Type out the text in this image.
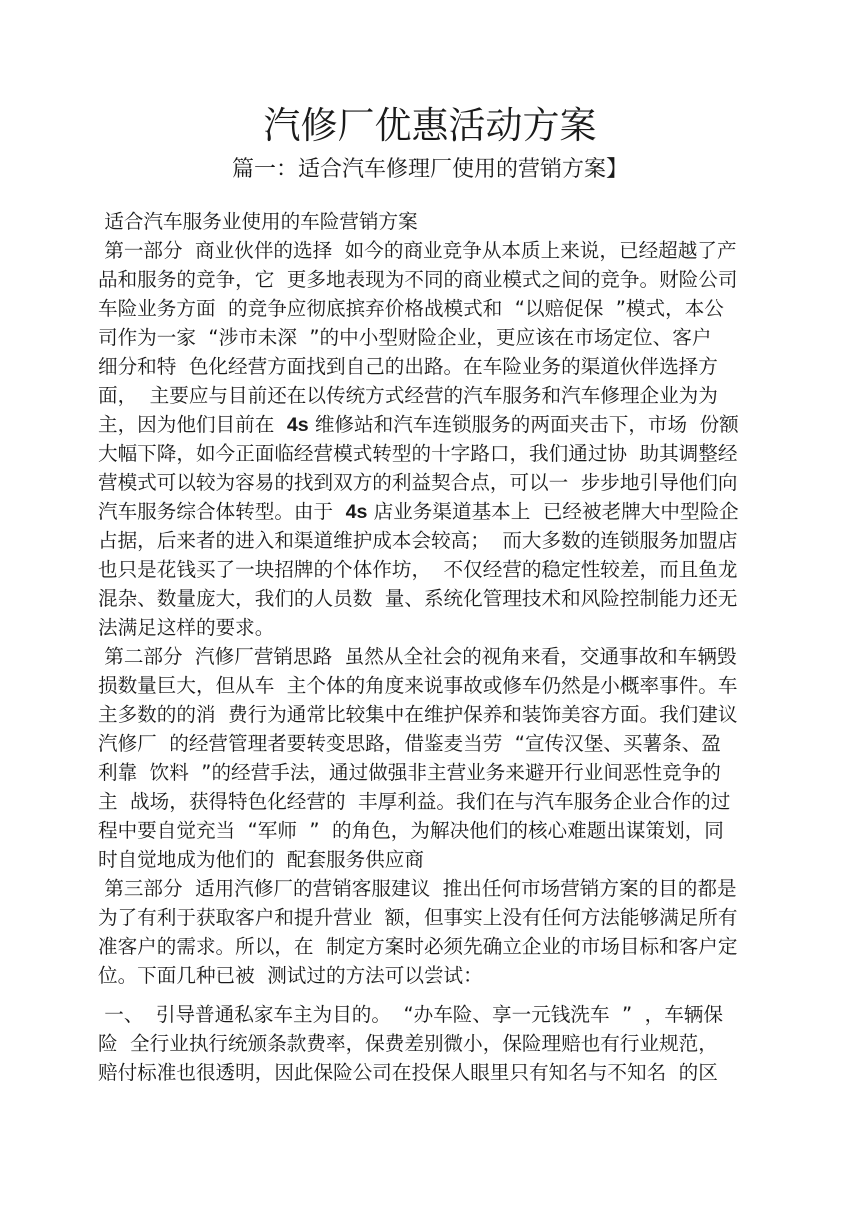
汽修厂优惠活动方案
篇一：适合汽车修理厂使用的营销方案】
适合汽车服务业使用的车险营销方案
第一部分  商业伙伴的选择  如今的商业竞争从本质上来说，已经超越了产
品和服务的竞争，它  更多地表现为不同的商业模式之间的竞争。财险公司
车险业务方面  的竞争应彻底摈弃价格战模式和  “以赔促保  ”模式，本公
司作为一家  “涉市未深  ”的中小型财险企业，更应该在市场定位、客户
细分和特  色化经营方面找到自己的出路。在车险业务的渠道伙伴选择方
面，  主要应与目前还在以传统方式经营的汽车服务和汽车修理企业为为
主，因为他们目前在  4s 维修站和汽车连锁服务的两面夹击下，市场  份额
大幅下降，如今正面临经营模式转型的十字路口，我们通过协  助其调整经
营模式可以较为容易的找到双方的利益契合点，可以一  步步地引导他们向
汽车服务综合体转型。由于  4s 店业务渠道基本上  已经被老牌大中型险企
占据，后来者的进入和渠道维护成本会较高；  而大多数的连锁服务加盟店
也只是花钱买了一块招牌的个体作坊，  不仅经营的稳定性较差，而且鱼龙
混杂、数量庞大，我们的人员数  量、系统化管理技术和风险控制能力还无
法满足这样的要求。
第二部分  汽修厂营销思路  虽然从全社会的视角来看，交通事故和车辆毁
损数量巨大，但从车  主个体的角度来说事故或修车仍然是小概率事件。车
主多数的的消  费行为通常比较集中在维护保养和装饰美容方面。我们建议
汽修厂  的经营管理者要转变思路，借鉴麦当劳  “宣传汉堡、买薯条、盈
利靠  饮料  ”的经营手法，通过做强非主营业务来避开行业间恶性竞争的
主  战场，获得特色化经营的  丰厚利益。我们在与汽车服务企业合作的过
程中要自觉充当  “军师  ”  的角色，为解决他们的核心难题出谋策划，同
时自觉地成为他们的  配套服务供应商
第三部分  适用汽修厂的营销客服建议  推出任何市场营销方案的目的都是
为了有利于获取客户和提升营业  额，但事实上没有任何方法能够满足所有
准客户的需求。所以，在  制定方案时必须先确立企业的市场目标和客户定
位。下面几种已被  测试过的方法可以尝试：
一、  引导普通私家车主为目的。  “办车险、享一元钱洗车  ”  ，车辆保
险  全行业执行统颁条款费率，保费差别微小，保险理赔也有行业规范，
赔付标准也很透明，因此保险公司在投保人眼里只有知名与不知名  的区
